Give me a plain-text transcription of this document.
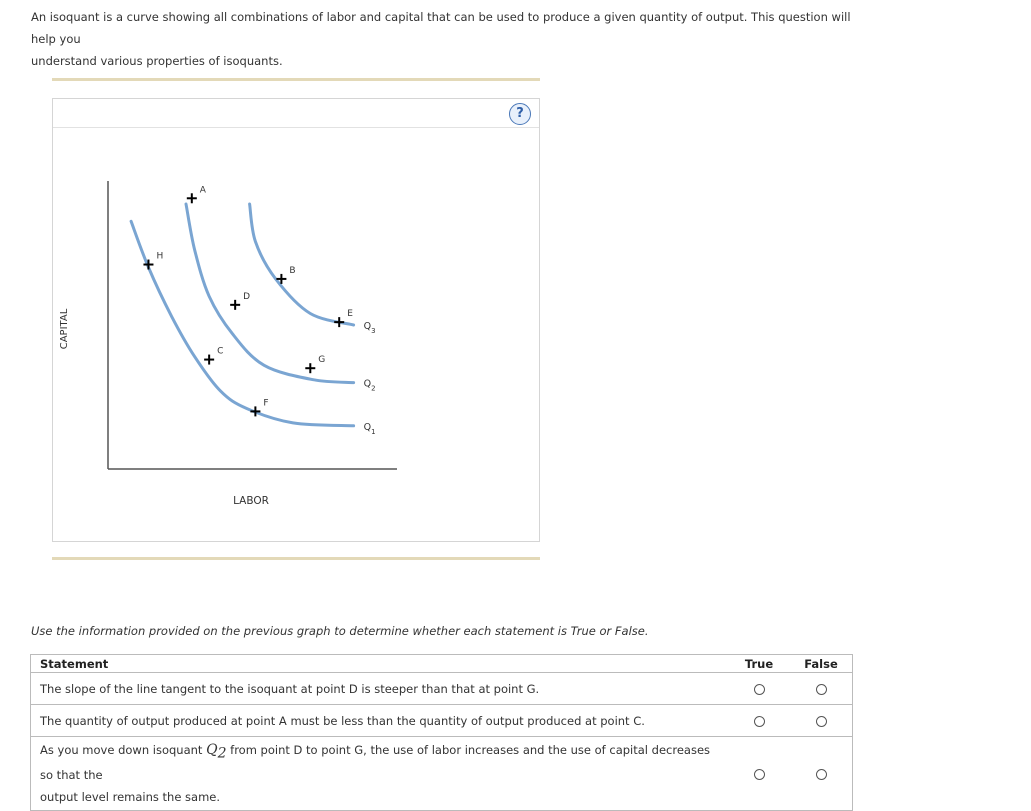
An isoquant is a curve showing all combinations of labor and capital that can be used to produce a given quantity of output. This question will help you
understand various properties of isoquants.
?
CAPITAL
LABOR
$Q_1$
$Q_2$
$Q_3$
A
H
B
D
E
C
G
F
Use the information provided on the previous graph to determine whether each statement is True or False.
Statement	True	False
The slope of the line tangent to the isoquant at point D is steeper than that at point G.		
The quantity of output produced at point A must be less than the quantity of output produced at point C.		
As you move down isoquant $Q_2$ from point D to point G, the use of labor increases and the use of capital decreases so that the
output level remains the same.		
